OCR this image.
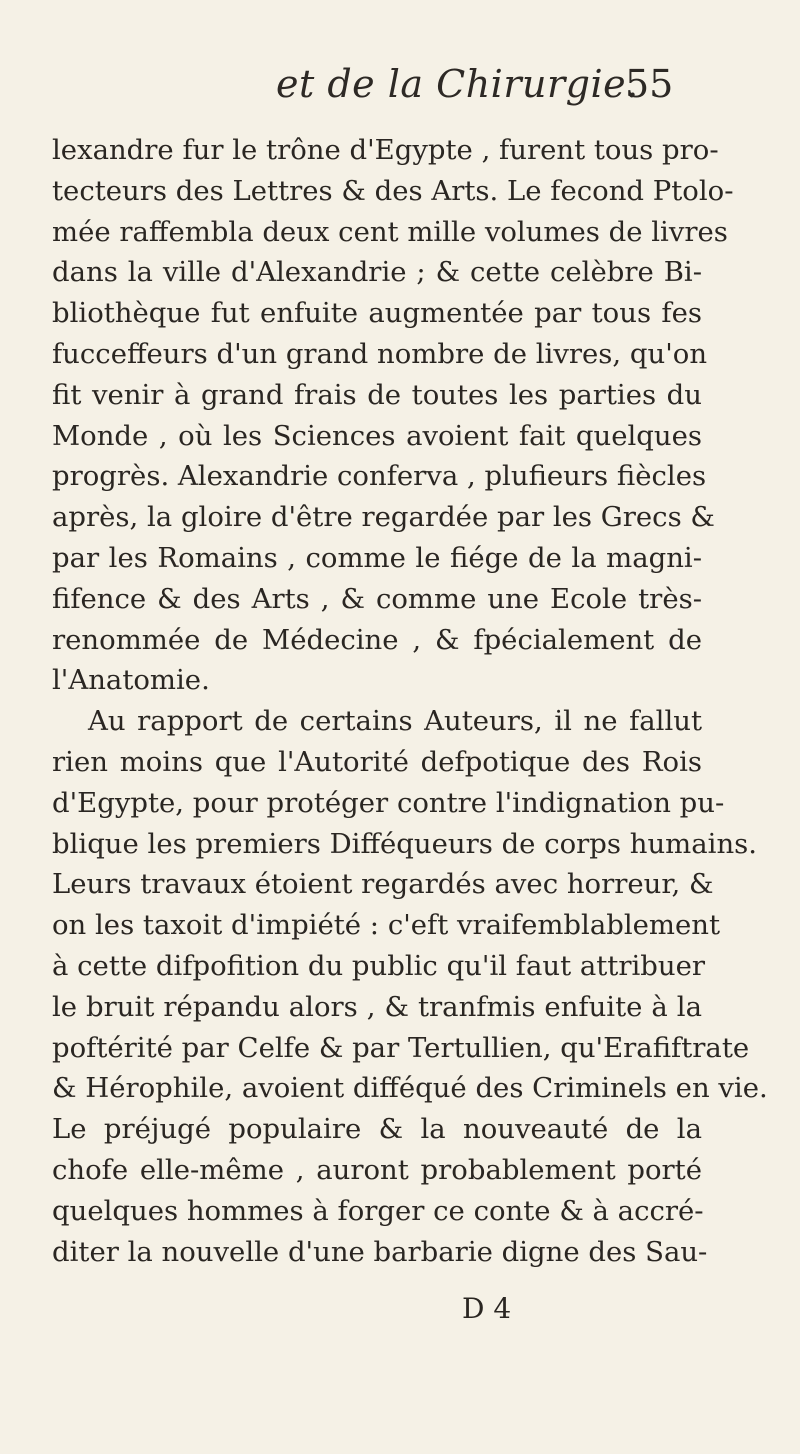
et de la Chirurgie.
55
lexandre fur le trône d'Egypte , furent tous pro-
tecteurs des Lettres & des Arts. Le fecond Ptolo-
mée raffembla deux cent mille volumes de livres
dans la ville d'Alexandrie ; & cette celèbre Bi-
bliothèque fut enfuite augmentée par tous fes
fucceffeurs d'un grand nombre de livres, qu'on
fit venir à grand frais de toutes les parties du
Monde , où les Sciences avoient fait quelques
progrès. Alexandrie conferva , plufieurs fiècles
après, la gloire d'être regardée par les Grecs &
par les Romains , comme le fiége de la magni-
fifence & des Arts , & comme une Ecole très-
renommée de Médecine , & fpécialement de
l'Anatomie.
Au rapport de certains Auteurs, il ne fallut
rien moins que l'Autorité defpotique des Rois
d'Egypte, pour protéger contre l'indignation pu-
blique les premiers Difféqueurs de corps humains.
Leurs travaux étoient regardés avec horreur, &
on les taxoit d'impiété : c'eft vraifemblablement
à cette difpofition du public qu'il faut attribuer
le bruit répandu alors , & tranfmis enfuite à la
poftérité par Celfe & par Tertullien, qu'Erafiftrate
& Hérophile, avoient difféqué des Criminels en vie.
Le préjugé populaire & la nouveauté de la
chofe elle-même , auront probablement porté
quelques hommes à forger ce conte & à accré-
diter la nouvelle d'une barbarie digne des Sau-
D 4
